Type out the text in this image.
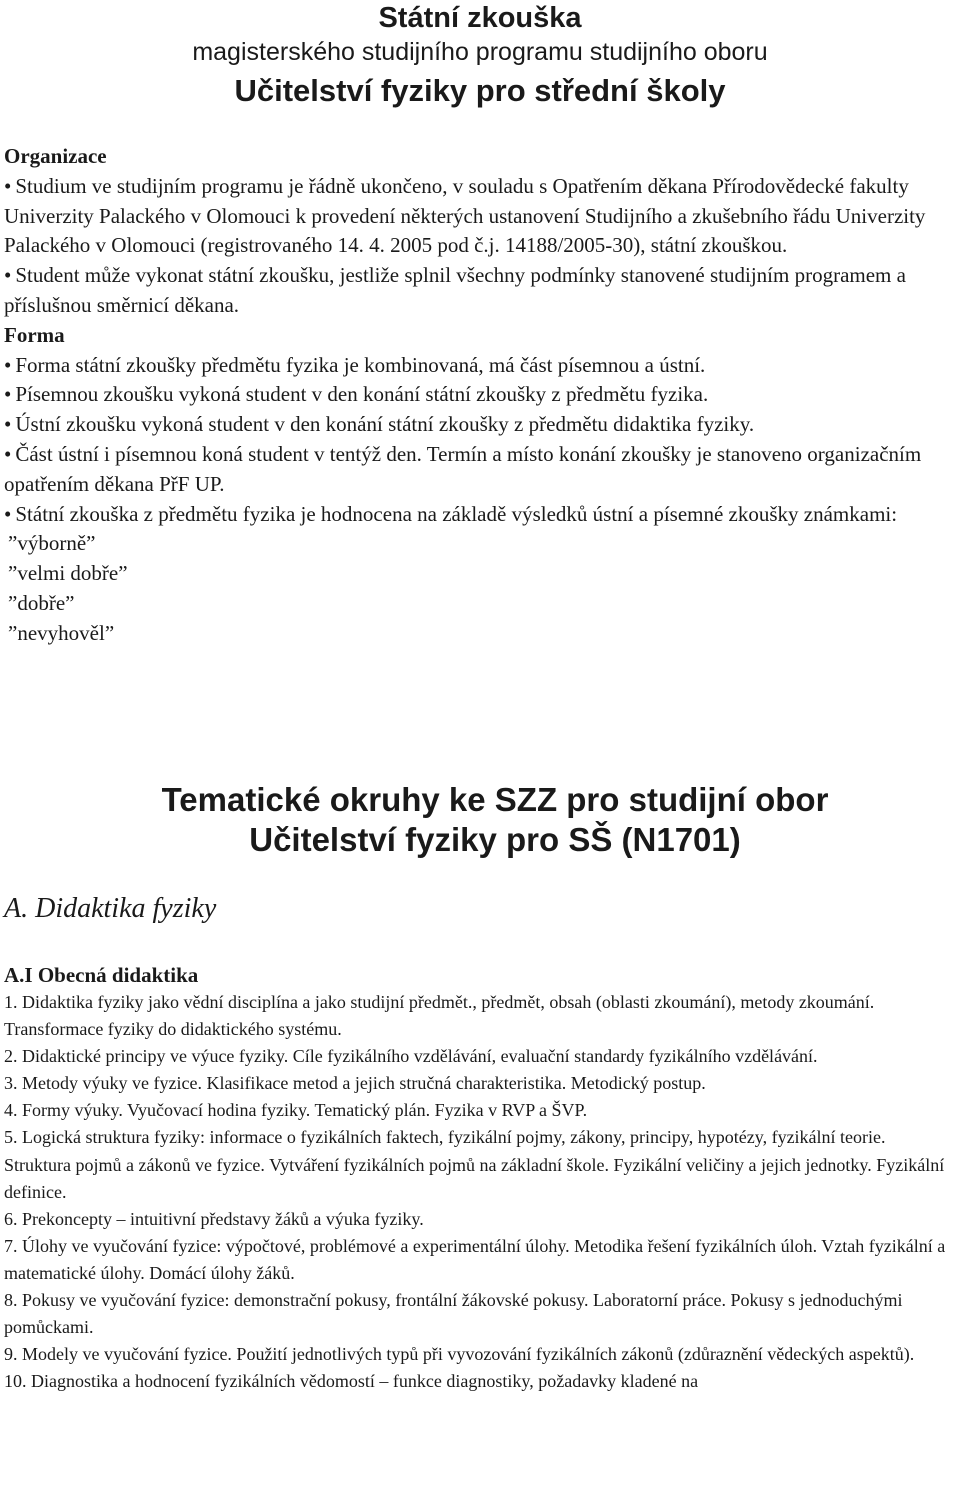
Státní zkouška
magisterského studijního programu studijního oboru
Učitelství fyziky pro střední školy
Organizace

• Studium ve studijním programu je řádně ukončeno, v souladu s Opatřením děkana Přírodovědecké fakulty Univerzity Palackého v Olomouci k provedení některých ustanovení Studijního a zkušebního řádu Univerzity Palackého v Olomouci (registrovaného 14. 4. 2005 pod č.j. 14188/2005-30), státní zkouškou.

• Student může vykonat státní zkoušku, jestliže splnil všechny podmínky stanovené studijním programem a příslušnou směrnicí děkana.

Forma

• Forma státní zkoušky předmětu fyzika je kombinovaná, má část písemnou a ústní.

• Písemnou zkoušku vykoná student v den konání státní zkoušky z předmětu fyzika.

• Ústní zkoušku vykoná student v den konání státní zkoušky z předmětu didaktika fyziky.

• Část ústní i písemnou koná student v tentýž den. Termín a místo konání zkoušky je stanoveno organizačním opatřením děkana PřF UP.

• Státní zkouška z předmětu fyzika je hodnocena na základě výsledků ústní a písemné zkoušky známkami:

”výborně”

”velmi dobře”

”dobře”

”nevyhověl”

Tematické okruhy ke SZZ pro studijní obor
Učitelství fyziky pro SŠ (N1701)
A. Didaktika fyziky
A.I Obecná didaktika

1. Didaktika fyziky jako vědní disciplína a jako studijní předmět., předmět, obsah (oblasti zkoumání), metody zkoumání. Transformace fyziky do didaktického systému.

2. Didaktické principy ve výuce fyziky. Cíle fyzikálního vzdělávání, evaluační standardy fyzikálního vzdělávání.

3. Metody výuky ve fyzice. Klasifikace metod a jejich stručná charakteristika. Metodický postup.

4. Formy výuky. Vyučovací hodina fyziky. Tematický plán. Fyzika v RVP a ŠVP.

5. Logická struktura fyziky: informace o fyzikálních faktech, fyzikální pojmy, zákony, principy, hypotézy, fyzikální teorie. Struktura pojmů a zákonů ve fyzice. Vytváření fyzikálních pojmů na základní škole. Fyzikální veličiny a jejich jednotky. Fyzikální definice.

6. Prekoncepty – intuitivní představy žáků a výuka fyziky.

7. Úlohy ve vyučování fyzice: výpočtové, problémové a experimentální úlohy. Metodika řešení fyzikálních úloh. Vztah fyzikální a matematické úlohy. Domácí úlohy žáků.

8. Pokusy ve vyučování fyzice: demonstrační pokusy, frontální žákovské pokusy. Laboratorní práce. Pokusy s jednoduchými pomůckami.

9. Modely ve vyučování fyzice. Použití jednotlivých typů při vyvozování fyzikálních zákonů (zdůraznění vědeckých aspektů).

10. Diagnostika a hodnocení fyzikálních vědomostí – funkce diagnostiky, požadavky kladené na
